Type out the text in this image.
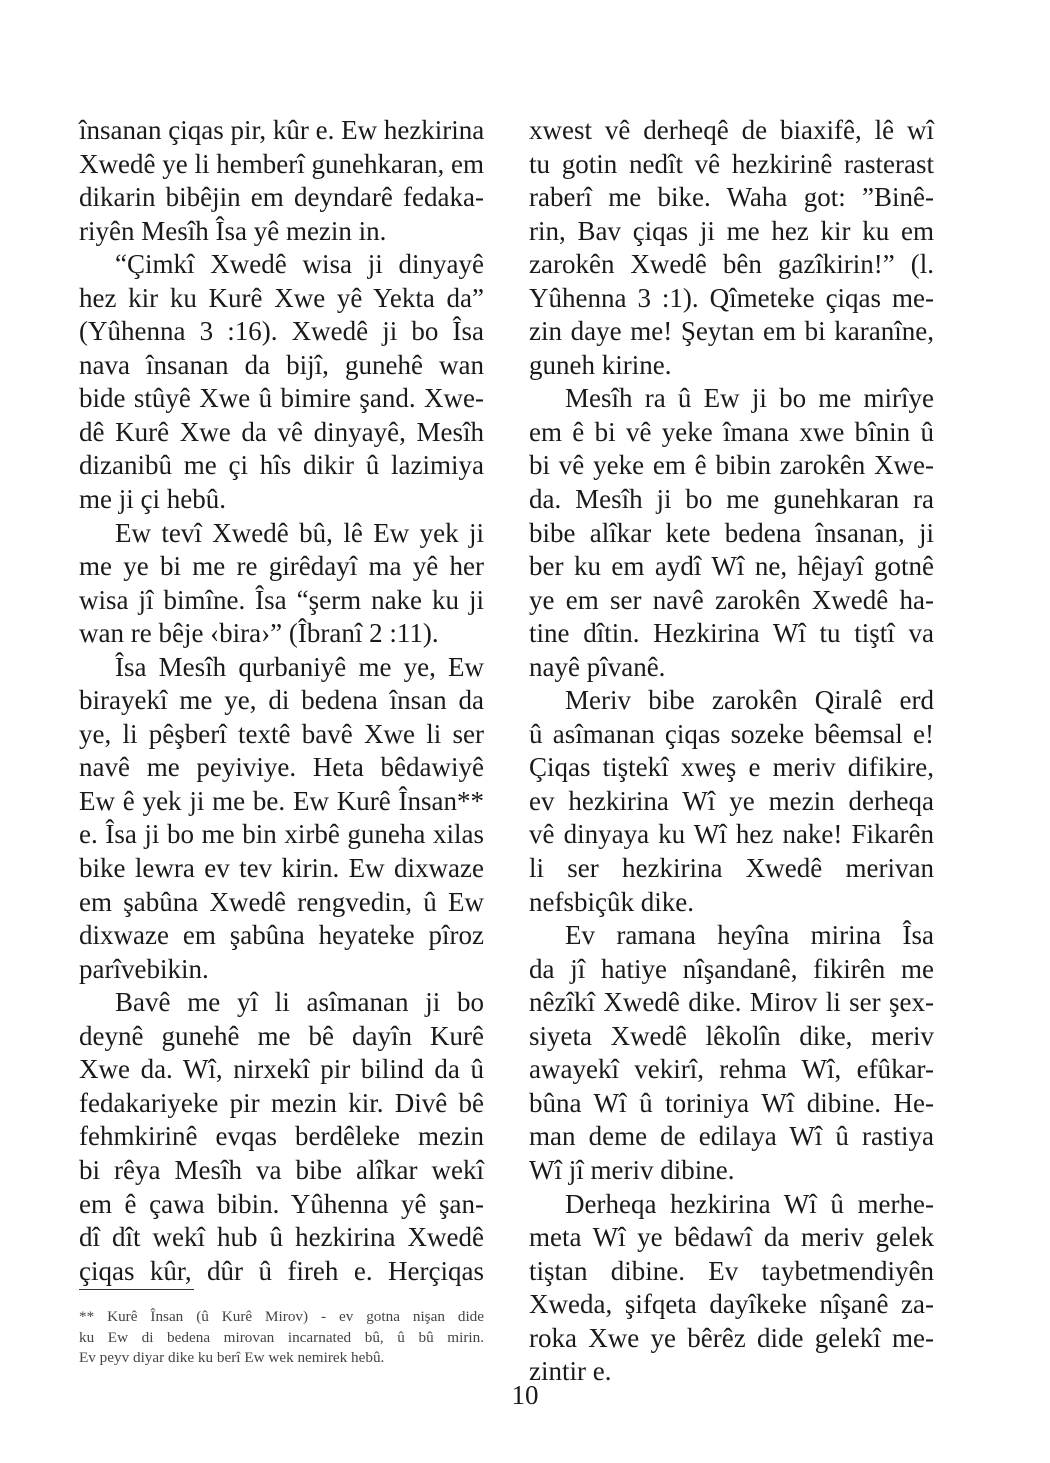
însanan çiqas pir, kûr e. Ew hezkirina
Xwedê ye li hemberî gunehkaran, em
dikarin bibêjin em deyndarê fedaka-
riyên Mesîh Îsa yê mezin in.
“Çimkî Xwedê wisa ji dinyayê
hez kir ku Kurê Xwe yê Yekta da”
(Yûhenna 3 :16). Xwedê ji bo Îsa
nava însanan da bijî, gunehê wan
bide stûyê Xwe û bimire şand. Xwe-
dê Kurê Xwe da vê dinyayê, Mesîh
dizanibû me çi hîs dikir û lazimiya
me ji çi hebû.
Ew tevî Xwedê bû, lê Ew yek ji
me ye bi me re girêdayî ma yê her
wisa jî bimîne. Îsa “şerm nake ku ji
wan re bêje ‹bira›” (Îbranî 2 :11).
Îsa Mesîh qurbaniyê me ye, Ew
birayekî me ye, di bedena însan da
ye, li pêşberî textê bavê Xwe li ser
navê me peyiviye. Heta bêdawiyê
Ew ê yek ji me be. Ew Kurê Însan**
e. Îsa ji bo me bin xirbê guneha xilas
bike lewra ev tev kirin. Ew dixwaze
em şabûna Xwedê rengvedin, û Ew
dixwaze em şabûna heyateke pîroz
parîvebikin.
Bavê me yî li asîmanan ji bo
deynê gunehê me bê dayîn Kurê
Xwe da. Wî, nirxekî pir bilind da û
fedakariyeke pir mezin kir. Divê bê
fehmkirinê evqas berdêleke mezin
bi rêya Mesîh va bibe alîkar wekî
em ê çawa bibin. Yûhenna yê şan-
dî dît wekî hub û hezkirina Xwedê
çiqas kûr, dûr û fireh e. Herçiqas
xwest vê derheqê de biaxifê, lê wî
tu gotin nedît vê hezkirinê rasterast
raberî me bike. Waha got: ”Binê-
rin, Bav çiqas ji me hez kir ku em
zarokên Xwedê bên gazîkirin!” (l.
Yûhenna 3 :1). Qîmeteke çiqas me-
zin daye me! Şeytan em bi karanîne,
guneh kirine.
Mesîh ra û Ew ji bo me mirîye
em ê bi vê yeke îmana xwe bînin û
bi vê yeke em ê bibin zarokên Xwe-
da. Mesîh ji bo me gunehkaran ra
bibe alîkar kete bedena însanan, ji
ber ku em aydî Wî ne, hêjayî gotnê
ye em ser navê zarokên Xwedê ha-
tine dîtin. Hezkirina Wî tu tiştî va
nayê pîvanê.
Meriv bibe zarokên Qiralê erd
û asîmanan çiqas sozeke bêemsal e!
Çiqas tiştekî xweş e meriv difikire,
ev hezkirina Wî ye mezin derheqa
vê dinyaya ku Wî hez nake! Fikarên
li ser hezkirina Xwedê merivan
nefsbiçûk dike.
Ev ramana heyîna mirina Îsa
da jî hatiye nîşandanê, fikirên me
nêzîkî Xwedê dike. Mirov li ser şex-
siyeta Xwedê lêkolîn dike, meriv
awayekî vekirî, rehma Wî, efûkar-
bûna Wî û toriniya Wî dibine. He-
man deme de edilaya Wî û rastiya
Wî jî meriv dibine.
Derheqa hezkirina Wî û merhe-
meta Wî ye bêdawî da meriv gelek
tiştan dibine. Ev taybetmendiyên
Xweda, şifqeta dayîkeke nîşanê za-
roka Xwe ye bêrêz dide gelekî me-
zintir e.
** Kurê Însan (û Kurê Mirov) - ev gotna nişan dide
ku Ew di bedena mirovan incarnated bû, û bû mirin.
Ev peyv diyar dike ku berî Ew wek nemirek hebû.
10
